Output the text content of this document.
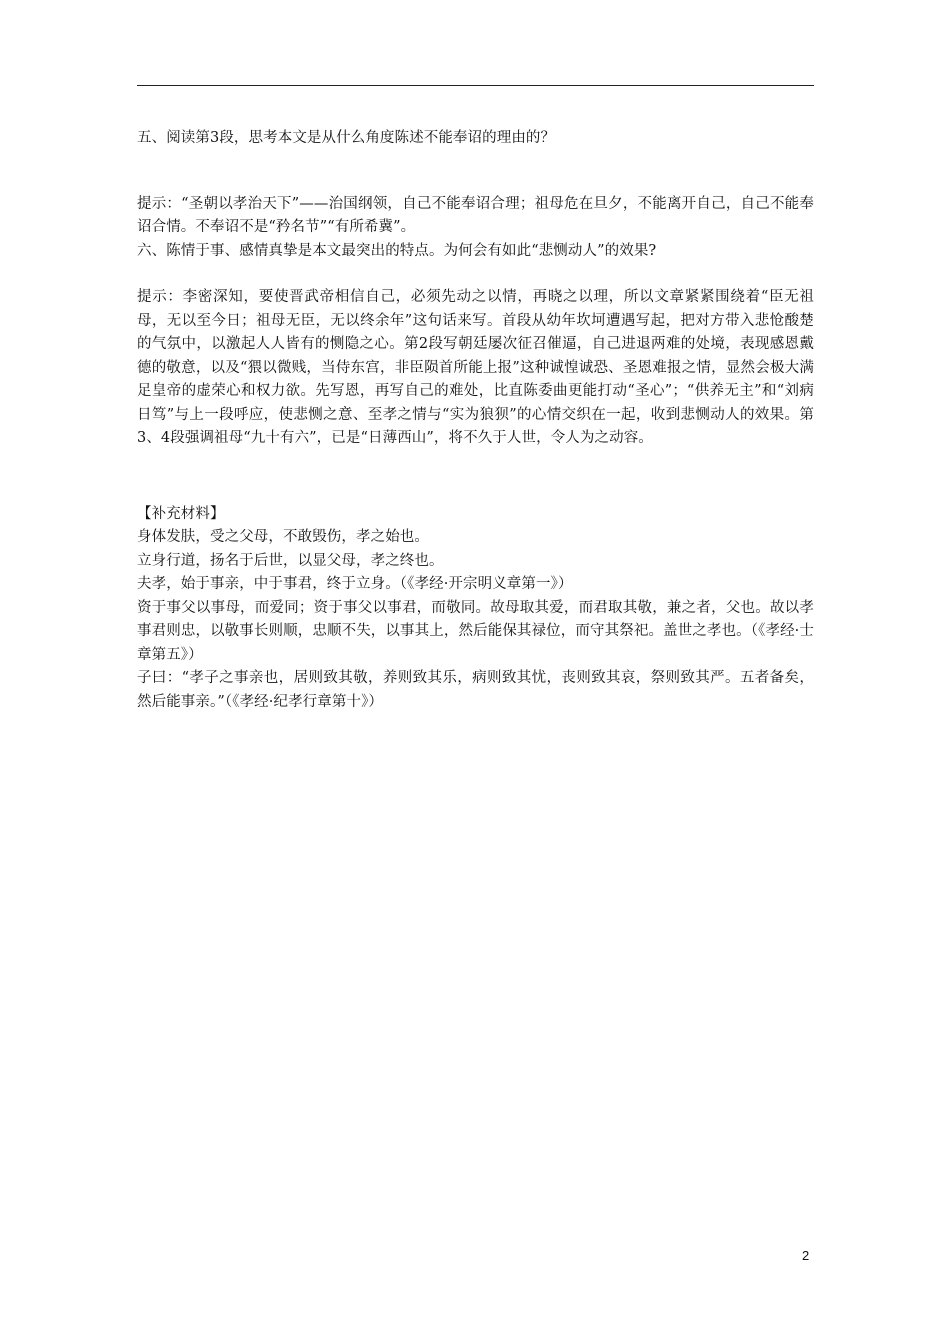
五、阅读第3段，思考本文是从什么角度陈述不能奉诏的理由的？

提示：“圣朝以孝治天下”——治国纲领，自己不能奉诏合理；祖母危在旦夕，不能离开自己，自己不能奉诏合情。不奉诏不是“矜名节”“有所希冀”。

六、陈情于事、感情真挚是本文最突出的特点。为何会有如此“悲恻动人”的效果?

提示：李密深知，要使晋武帝相信自己，必须先动之以情，再晓之以理，所以文章紧紧围绕着“臣无祖母，无以至今日；祖母无臣，无以终余年”这句话来写。首段从幼年坎坷遭遇写起，把对方带入悲怆酸楚的气氛中，以激起人人皆有的恻隐之心。第2段写朝廷屡次征召催逼，自己进退两难的处境，表现感恩戴德的敬意，以及“猥以微贱，当侍东宫，非臣陨首所能上报”这种诚惶诚恐、圣恩难报之情，显然会极大满足皇帝的虚荣心和权力欲。先写恩，再写自己的难处，比直陈委曲更能打动“圣心”；“供养无主”和“刘病日笃”与上一段呼应，使悲恻之意、至孝之情与“实为狼狈”的心情交织在一起，收到悲恻动人的效果。第3、4段强调祖母“九十有六”，已是“日薄西山”，将不久于人世，令人为之动容。

【补充材料】

身体发肤，受之父母，不敢毁伤，孝之始也。

立身行道，扬名于后世，以显父母，孝之终也。

夫孝，始于事亲，中于事君，终于立身。（《孝经·开宗明义章第一》）

资于事父以事母，而爱同；资于事父以事君，而敬同。故母取其爱，而君取其敬，兼之者，父也。故以孝事君则忠，以敬事长则顺，忠顺不失，以事其上，然后能保其禄位，而守其祭祀。盖世之孝也。（《孝经·士章第五》）

子曰：“孝子之事亲也，居则致其敬，养则致其乐，病则致其忧，丧则致其哀，祭则致其严。五者备矣，然后能事亲。”（《孝经·纪孝行章第十》）

2
